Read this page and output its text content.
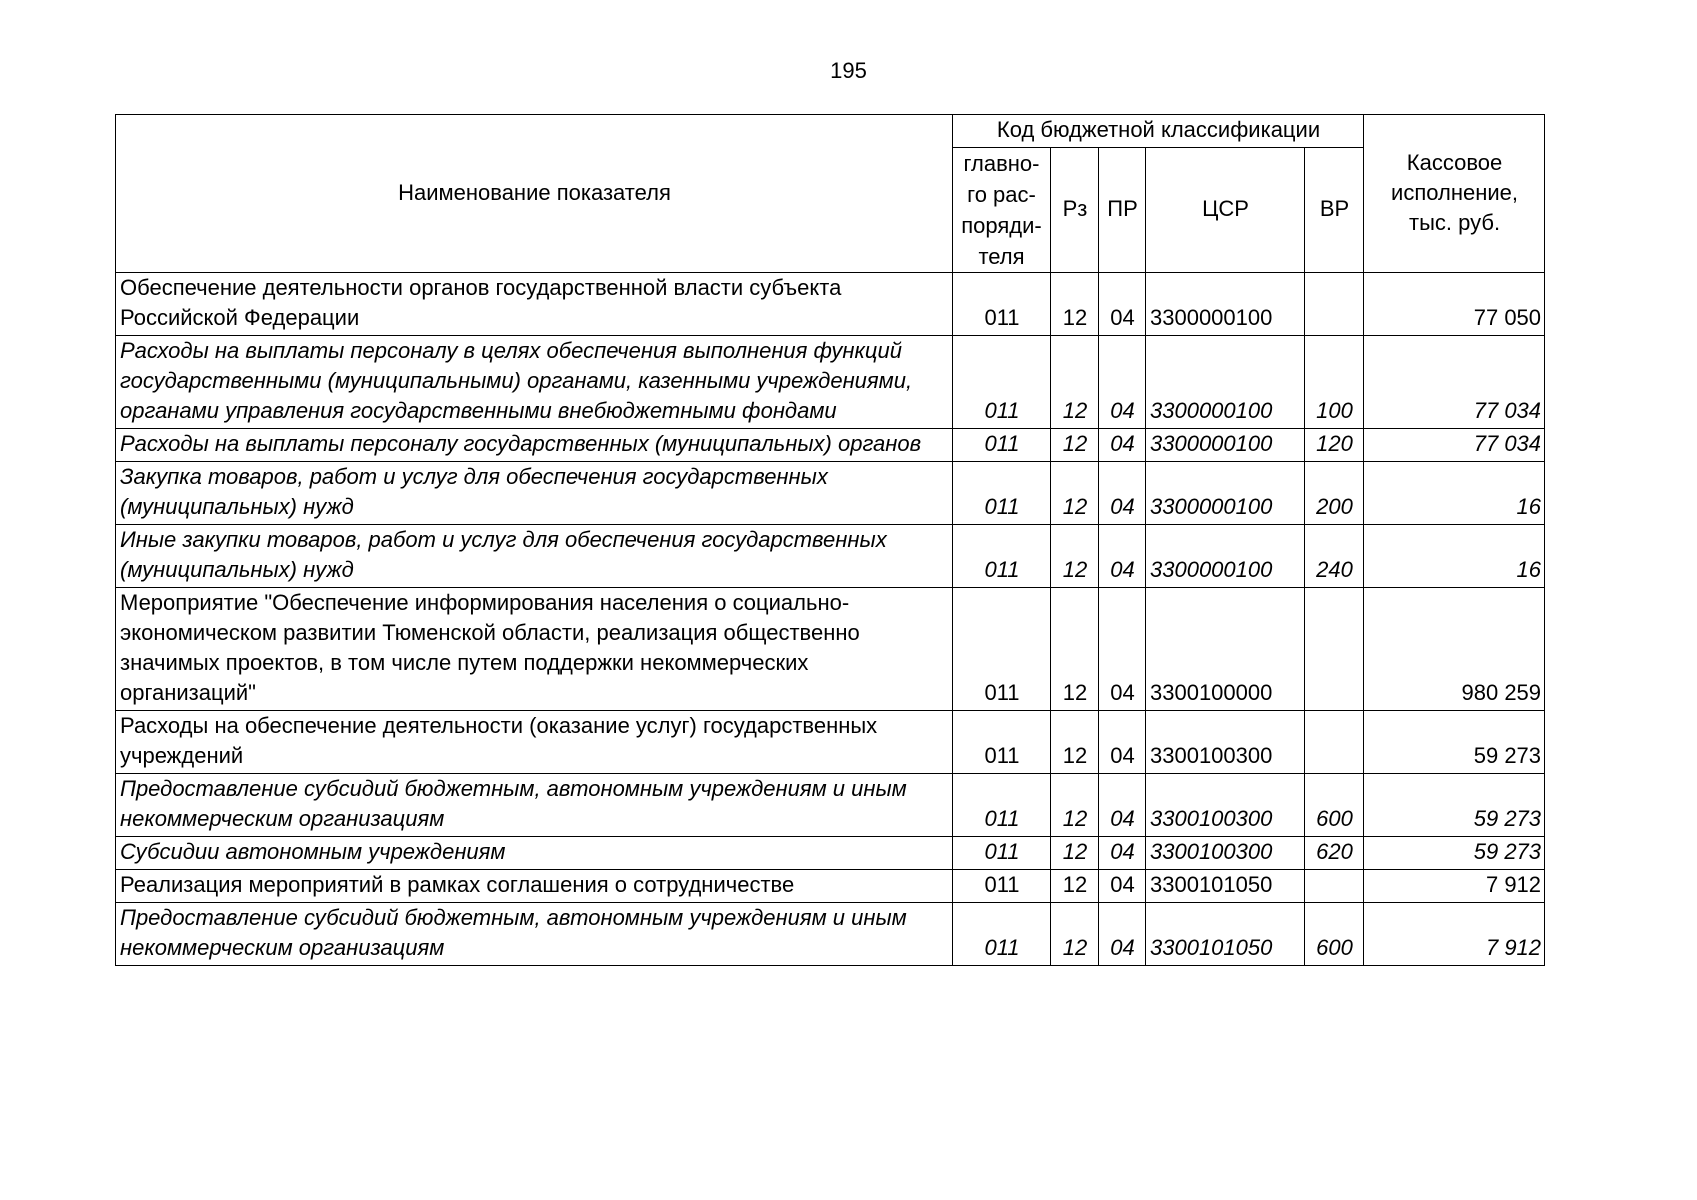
195
Наименование показателя	Код бюджетной классификации					Кассовое
исполнение,
тыс. руб.

	главно-
го рас-
поряди-
теля	Рз	ПР	ЦСР	ВР	
Обеспечение деятельности органов государственной власти субъекта Российской Федерации	011	12	04	3300000100		77 050
Расходы на выплаты персоналу в целях обеспечения выполнения функций государственными (муниципальными) органами, казенными учреждениями, органами управления государственными внебюджетными фондами	011	12	04	3300000100	100	77 034
Расходы на выплаты персоналу государственных (муниципальных) органов	011	12	04	3300000100	120	77 034
Закупка товаров, работ и услуг для обеспечения государственных (муниципальных) нужд	011	12	04	3300000100	200	16
Иные закупки товаров, работ и услуг для обеспечения государственных (муниципальных) нужд	011	12	04	3300000100	240	16
Мероприятие "Обеспечение информирования населения о социально-экономическом развитии Тюменской области, реализация общественно значимых проектов, в том числе путем поддержки некоммерческих организаций"	011	12	04	3300100000		980 259
Расходы на обеспечение деятельности (оказание услуг) государственных учреждений	011	12	04	3300100300		59 273
Предоставление субсидий бюджетным, автономным учреждениям и иным некоммерческим организациям	011	12	04	3300100300	600	59 273
Субсидии автономным учреждениям	011	12	04	3300100300	620	59 273
Реализация мероприятий в рамках соглашения о сотрудничестве	011	12	04	3300101050		7 912
Предоставление субсидий бюджетным, автономным учреждениям и иным некоммерческим организациям	011	12	04	3300101050	600	7 912
